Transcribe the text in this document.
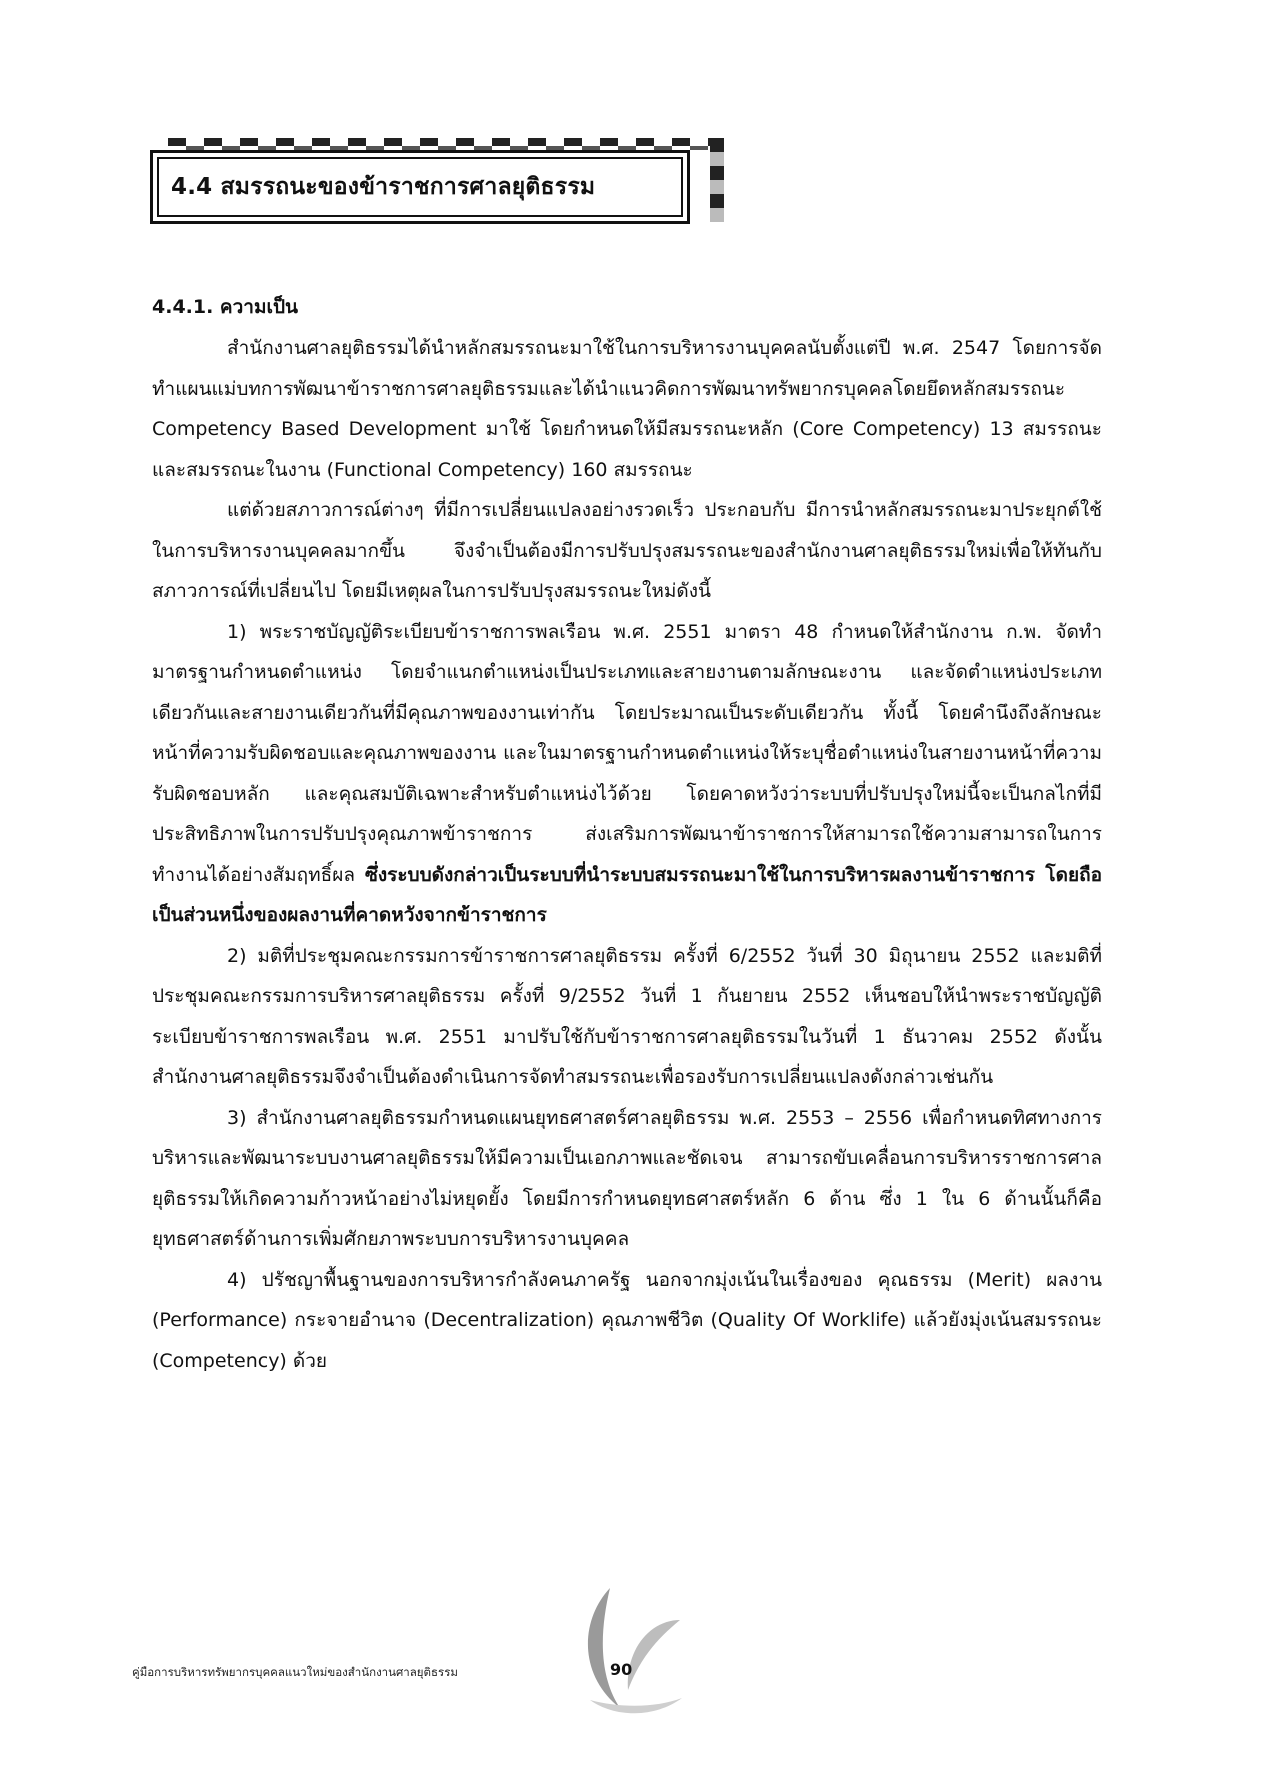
4.4 สมรรถนะของข้าราชการศาลยุติธรรม
4.4.1. ความเป็น

สำนักงานศาลยุติธรรมได้นำหลักสมรรถนะมาใช้ในการบริหารงานบุคคลนับตั้งแต่ปี พ.ศ. 2547 โดยการจัดทำแผนแม่บทการพัฒนาข้าราชการศาลยุติธรรมและได้นำแนวคิดการพัฒนาทรัพยากรบุคคลโดยยึดหลักสมรรถนะ Competency Based Development มาใช้ โดยกำหนดให้มีสมรรถนะหลัก (Core Competency) 13 สมรรถนะ และสมรรถนะในงาน (Functional Competency) 160 สมรรถนะ

แต่ด้วยสภาวการณ์ต่างๆ ที่มีการเปลี่ยนแปลงอย่างรวดเร็ว ประกอบกับ มีการนำหลักสมรรถนะมาประยุกต์ใช้ในการบริหารงานบุคคลมากขึ้น จึงจำเป็นต้องมีการปรับปรุงสมรรถนะของสำนักงานศาลยุติธรรมใหม่เพื่อให้ทันกับสภาวการณ์ที่เปลี่ยนไป โดยมีเหตุผลในการปรับปรุงสมรรถนะใหม่ดังนี้

1) พระราชบัญญัติระเบียบข้าราชการพลเรือน พ.ศ. 2551 มาตรา 48 กำหนดให้สำนักงาน ก.พ. จัดทำมาตรฐานกำหนดตำแหน่ง โดยจำแนกตำแหน่งเป็นประเภทและสายงานตามลักษณะงาน และจัดตำแหน่งประเภทเดียวกันและสายงานเดียวกันที่มีคุณภาพของงานเท่ากัน โดยประมาณเป็นระดับเดียวกัน ทั้งนี้ โดยคำนึงถึงลักษณะหน้าที่ความรับผิดชอบและคุณภาพของงาน และในมาตรฐานกำหนดตำแหน่งให้ระบุชื่อตำแหน่งในสายงานหน้าที่ความรับผิดชอบหลัก และคุณสมบัติเฉพาะสำหรับตำแหน่งไว้ด้วย โดยคาดหวังว่าระบบที่ปรับปรุงใหม่นี้จะเป็นกลไกที่มีประสิทธิภาพในการปรับปรุงคุณภาพข้าราชการ ส่งเสริมการพัฒนาข้าราชการให้สามารถใช้ความสามารถในการทำงานได้อย่างสัมฤทธิ์ผล ซึ่งระบบดังกล่าวเป็นระบบที่นำระบบสมรรถนะมาใช้ในการบริหารผลงานข้าราชการ โดยถือเป็นส่วนหนึ่งของผลงานที่คาดหวังจากข้าราชการ

2) มติที่ประชุมคณะกรรมการข้าราชการศาลยุติธรรม ครั้งที่ 6/2552 วันที่ 30 มิถุนายน 2552 และมติที่ประชุมคณะกรรมการบริหารศาลยุติธรรม ครั้งที่ 9/2552 วันที่ 1 กันยายน 2552 เห็นชอบให้นำพระราชบัญญัติระเบียบข้าราชการพลเรือน พ.ศ. 2551 มาปรับใช้กับข้าราชการศาลยุติธรรมในวันที่ 1 ธันวาคม 2552 ดังนั้นสำนักงานศาลยุติธรรมจึงจำเป็นต้องดำเนินการจัดทำสมรรถนะเพื่อรองรับการเปลี่ยนแปลงดังกล่าวเช่นกัน

3) สำนักงานศาลยุติธรรมกำหนดแผนยุทธศาสตร์ศาลยุติธรรม พ.ศ. 2553 – 2556 เพื่อกำหนดทิศทางการบริหารและพัฒนาระบบงานศาลยุติธรรมให้มีความเป็นเอกภาพและชัดเจน สามารถขับเคลื่อนการบริหารราชการศาลยุติธรรมให้เกิดความก้าวหน้าอย่างไม่หยุดยั้ง โดยมีการกำหนดยุทธศาสตร์หลัก 6 ด้าน ซึ่ง 1 ใน 6 ด้านนั้นก็คือยุทธศาสตร์ด้านการเพิ่มศักยภาพระบบการบริหารงานบุคคล

4) ปรัชญาพื้นฐานของการบริหารกำลังคนภาครัฐ นอกจากมุ่งเน้นในเรื่องของ คุณธรรม (Merit) ผลงาน (Performance) กระจายอำนาจ (Decentralization) คุณภาพชีวิต (Quality Of Worklife) แล้วยังมุ่งเน้นสมรรถนะ (Competency) ด้วย

คู่มือการบริหารทรัพยากรบุคคลแนวใหม่ของสำนักงานศาลยุติธรรม	90
